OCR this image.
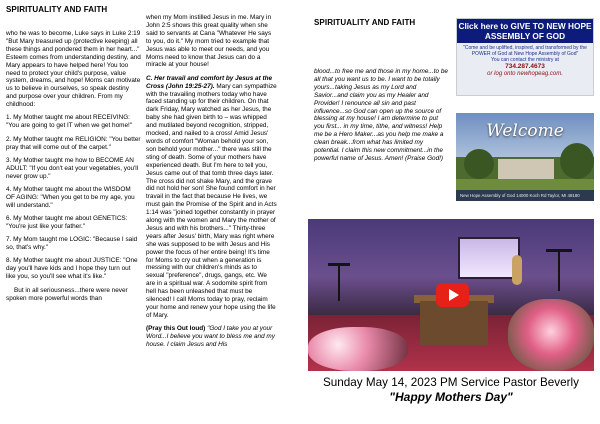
SPIRITUALITY AND FAITH

who he was to become, Luke says in Luke 2:19 "But Mary treasured up (protective keeping) all these things and pondered them in her heart..." Esteem comes from understanding destiny, and Mary appears to have helped here! You too need to protect your child's purpose, value system, dreams, and hope! Moms can motivate us to believe in ourselves, so speak destiny and purpose over your children. From my childhood:

1. My Mother taught me about RECEIVING: "You are going to get IT when we get home!"

2. My Mother taught me RELIGION: "You better pray that will come out of the carpet."

3. My Mother taught me how to BECOME AN ADULT: "If you don't eat your vegetables, you'll never grow up."

4. My Mother taught me about the WISDOM OF AGING: "When you get to be my age, you will understand."

6. My Mother taught me about GENETICS: "You're just like your father."

7. My Mom taught me LOGIC: "Because I said so, that's why."

8. My Mother taught me about JUSTICE: "One day you'll have kids and I hope they turn out like you, so you'll see what it's like."

But in all seriousness...there were never spoken more powerful words than

when my Mom instilled Jesus in me. Mary in John 2:5 shows this great quality when she said to servants at Cana "Whatever He says to you, do it." My mom tried to example that Jesus was able to meet our needs, and you Moms need to know that Jesus can do a miracle at your house!

C. Her travail and comfort by Jesus at the Cross (John 19:25-27). Mary can sympathize with the travailing mothers today who have faced standing up for their children. On that dark Friday, Mary watched as her Jesus, the baby she had given birth to – was whipped and mutilated beyond recognition, stripped, mocked, and nailed to a cross! Amid Jesus' words of comfort "Woman behold your son, son behold your mother..." there was still the sting of death. Some of your mothers have experienced death. But I'm here to tell you, Jesus came out of that tomb three days later. The cross did not shake Mary, and the grave did not hold her son! She found comfort in her travail in the fact that because He lives, we must gain the Promise of the Spirit and in Acts 1:14 was "joined together constantly in prayer along with the women and Mary the mother of Jesus and with his brothers..." Thirty-three years after Jesus' birth, Mary was right where she was supposed to be with Jesus and His power the focus of her entire being! It's time for Moms to cry out when a generation is messing with our children's minds as to sexual "preference", drugs, gangs, etc. We are in a spiritual war. A sodomite spirit from hell has been unleashed that must be silenced! I call Moms today to pray, reclaim your home and renew your hope using the life of Mary.

(Pray this Out loud) "God I take you at your Word...I believe you want to bless me and my house. I claim Jesus and His

SPIRITUALITY AND FAITH

blood...to free me and those in my home...to be all that you want us to be. I want to be totally yours...taking Jesus as my Lord and Savior...and claim you as my Healer and Provider! I renounce all sin and past influence...so God can open up the source of blessing at my house! I am determine to put you first... in my time, tithe, and witness! Help me be a Hero Maker...as you help me make a clean break...from what has limited my potential. I claim this new commitment...in the powerful name of Jesus. Amen! (Praise God!)

Click here to GIVE TO NEW HOPE ASSEMBLY OF GOD
"Come and be uplifted, inspired, and transformed by the POWER of God at New Hope Assembly of God"
You can contact the ministry at
734.287.4673
or log onto newhopeag.com.
Welcome
New Hope Assembly of God 14000 Koch Rd Taylor, MI 48180
Sunday May 14, 2023 PM Service Pastor Beverly
"Happy Mothers Day"
